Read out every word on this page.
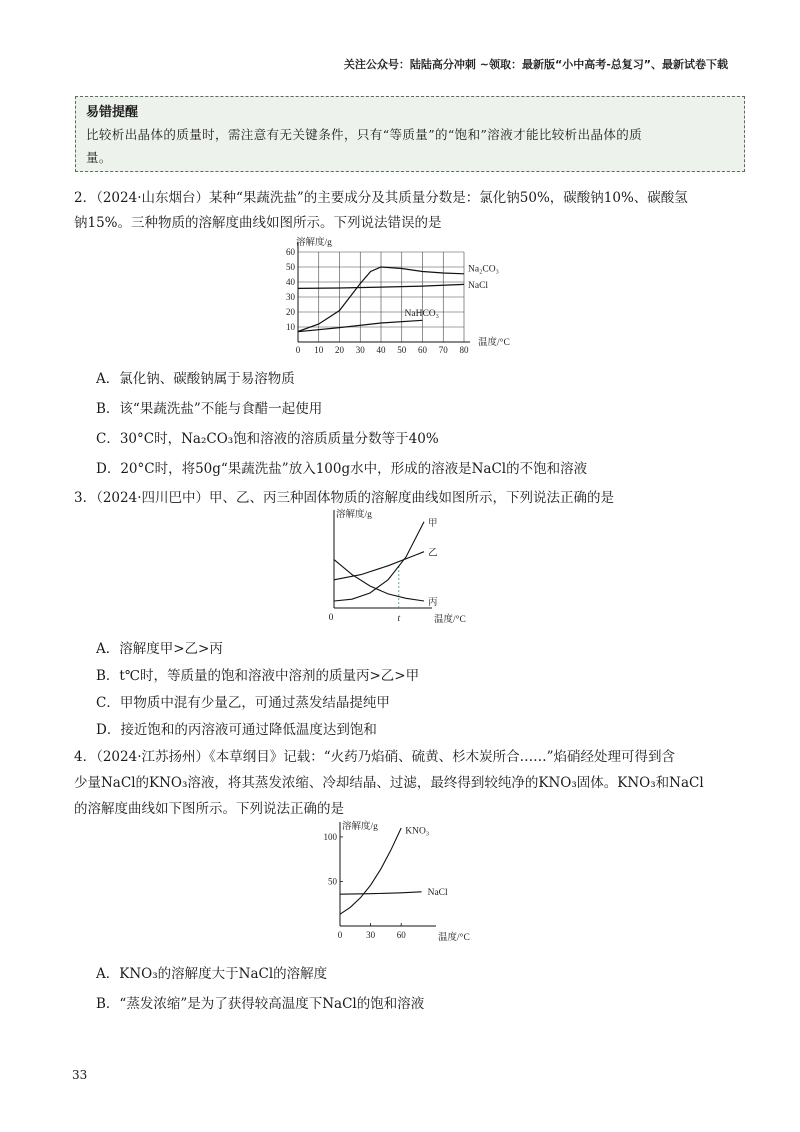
关注公众号：陆陆高分冲刺 ~领取：最新版“小中高考-总复习”、最新试卷下载
易错提醒
比较析出晶体的质量时，需注意有无关键条件，只有“等质量”的“饱和”溶液才能比较析出晶体的质
量。
2．（2024·山东烟台）某种“果蔬洗盐”的主要成分及其质量分数是：氯化钠50%，碳酸钠10%、碳酸氢
钠15%。三种物质的溶解度曲线如图所示。下列说法错误的是
0 10 20 30 40 50 60 70 80
10
20
30
40
50
60
溶解度/g
温度/°C
Na₂CO₃
NaCl
NaHCO₃
A．氯化钠、碳酸钠属于易溶物质
B．该“果蔬洗盐”不能与食醋一起使用
C．30°C时，Na₂CO₃饱和溶液的溶质质量分数等于40%
D．20°C时，将50g“果蔬洗盐”放入100g水中，形成的溶液是NaCl的不饱和溶液
3．（2024·四川巴中）甲、乙、丙三种固体物质的溶解度曲线如图所示，下列说法正确的是
溶解度/g
温度/°C
0	t
甲
乙
丙
A．溶解度甲>乙>丙
B．t℃时，等质量的饱和溶液中溶剂的质量丙>乙>甲
C．甲物质中混有少量乙，可通过蒸发结晶提纯甲
D．接近饱和的丙溶液可通过降低温度达到饱和
4．（2024·江苏扬州）《本草纲目》记载：“火药乃焰硝、硫黄、杉木炭所合……”焰硝经处理可得到含
少量NaCl的KNO₃溶液，将其蒸发浓缩、冷却结晶、过滤，最终得到较纯净的KNO₃固体。KNO₃和NaCl
的溶解度曲线如下图所示。下列说法正确的是
溶解度/g
温度/°C
0	30 60
50
100
KNO₃
NaCl
A．KNO₃的溶解度大于NaCl的溶解度
B．“蒸发浓缩”是为了获得较高温度下NaCl的饱和溶液
33
